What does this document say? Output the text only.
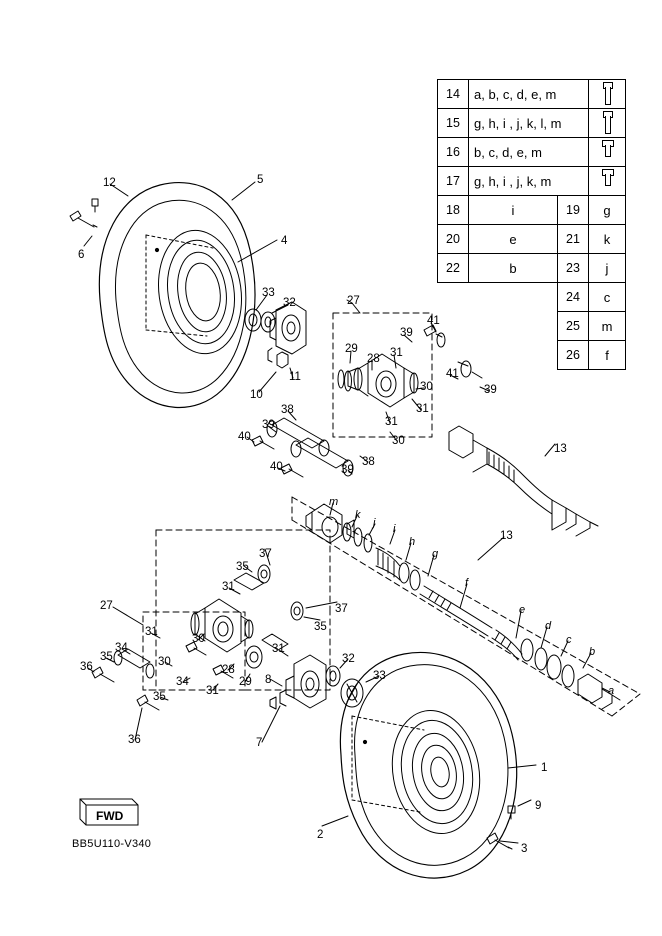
14	a, b, c, d, e, m		

15	g, h, i , j, k, l, m		

16	b, c, d, e, m		

17	g, h, i , j, k, m		

18	i	19	g
20	e	21	k
22	b	23	j
		24	c
		25	m
		26	f
FWD
BB5U110-V340
12	5
6
4
33
32	27
39
41
29
28 31
41
39
10
11
30
31
38
39
30
31
40
40	38
39
13
m
k
j i
h
g
13
37
35
f
31
37
35
27	e
31
30
34
d
c
b
35
36	30
28
29
32
33
a
31
34
31
8
35
36	7
1
9
2
3
